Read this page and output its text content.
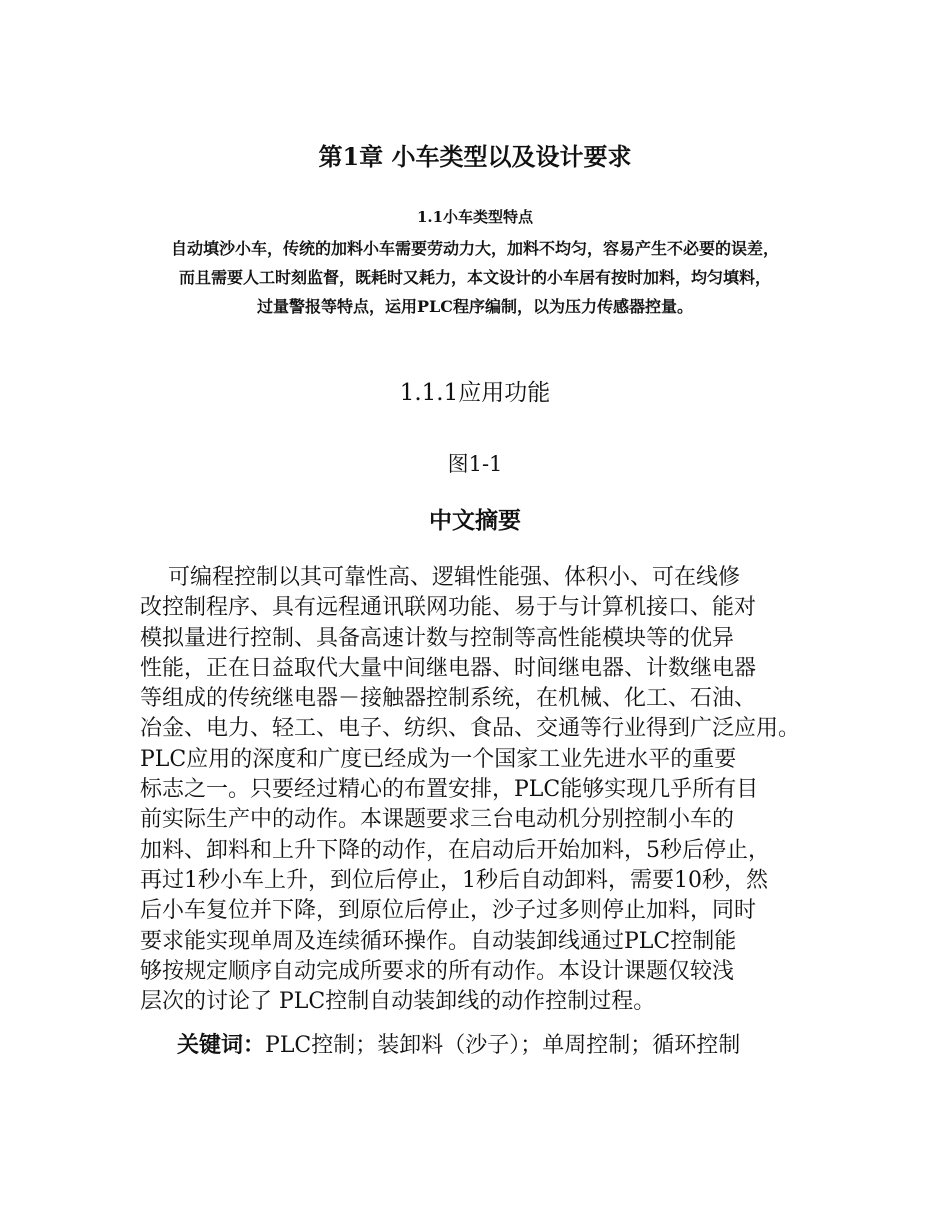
第1章 小车类型以及设计要求
1.1小车类型特点
自动填沙小车，传统的加料小车需要劳动力大，加料不均匀，容易产生不必要的误差，
而且需要人工时刻监督，既耗时又耗力，本文设计的小车居有按时加料，均匀填料，
过量警报等特点，运用PLC程序编制，以为压力传感器控量。
1.1.1应用功能
图1-1
中文摘要
可编程控制以其可靠性高、逻辑性能强、体积小、可在线修
改控制程序、具有远程通讯联网功能、易于与计算机接口、能对
模拟量进行控制、具备高速计数与控制等高性能模块等的优异
性能，正在日益取代大量中间继电器、时间继电器、计数继电器
等组成的传统继电器－接触器控制系统，在机械、化工、石油、
冶金、电力、轻工、电子、纺织、食品、交通等行业得到广泛应用。
PLC应用的深度和广度已经成为一个国家工业先进水平的重要
标志之一。只要经过精心的布置安排，PLC能够实现几乎所有目
前实际生产中的动作。本课题要求三台电动机分别控制小车的
加料、卸料和上升下降的动作，在启动后开始加料，5秒后停止，
再过1秒小车上升，到位后停止，1秒后自动卸料，需要10秒，然
后小车复位并下降，到原位后停止，沙子过多则停止加料，同时
要求能实现单周及连续循环操作。自动装卸线通过PLC控制能
够按规定顺序自动完成所要求的所有动作。本设计课题仅较浅
层次的讨论了 PLC控制自动装卸线的动作控制过程。
关键词：PLC控制；装卸料（沙子）；单周控制；循环控制
